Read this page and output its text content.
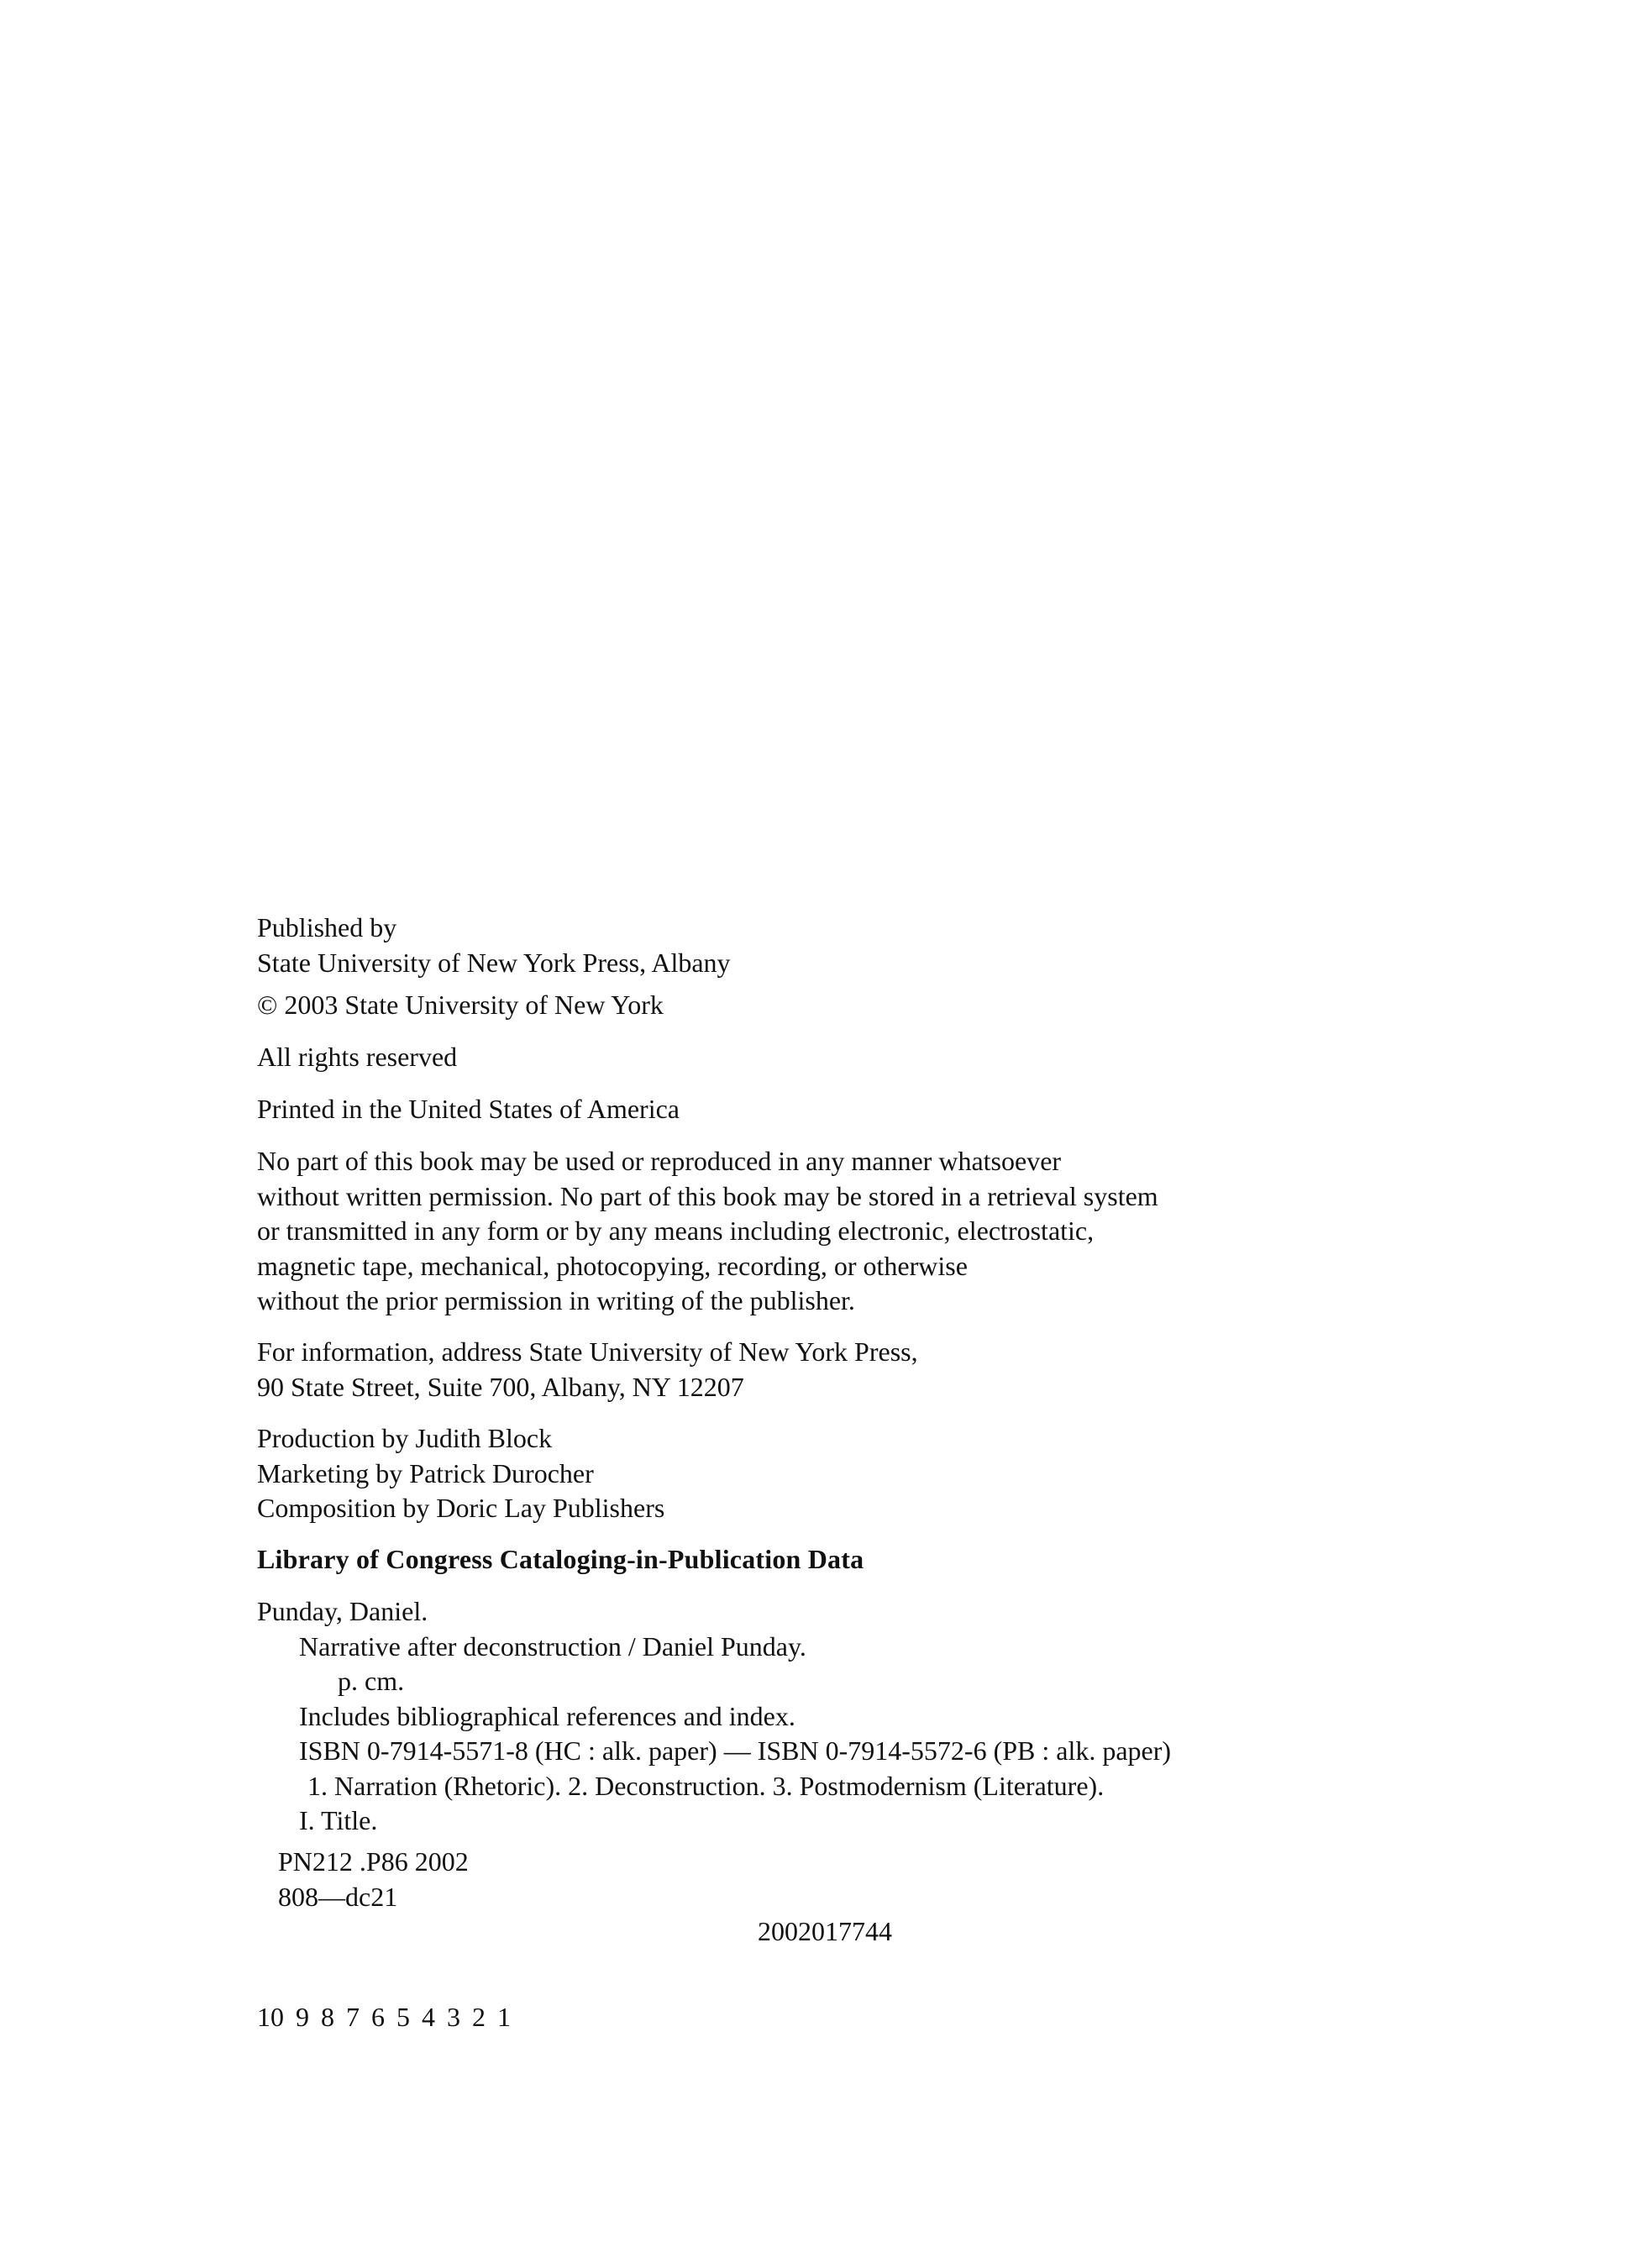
Published by
State University of New York Press, Albany
© 2003 State University of New York
All rights reserved
Printed in the United States of America
No part of this book may be used or reproduced in any manner whatsoever
without written permission. No part of this book may be stored in a retrieval system
or transmitted in any form or by any means including electronic, electrostatic,
magnetic tape, mechanical, photocopying, recording, or otherwise
without the prior permission in writing of the publisher.
For information, address State University of New York Press,
90 State Street, Suite 700, Albany, NY 12207
Production by Judith Block
Marketing by Patrick Durocher
Composition by Doric Lay Publishers
Library of Congress Cataloging-in-Publication Data
Punday, Daniel.
Narrative after deconstruction / Daniel Punday.
p. cm.
Includes bibliographical references and index.
ISBN 0-7914-5571-8 (HC : alk. paper) — ISBN 0-7914-5572-6 (PB : alk. paper)
1. Narration (Rhetoric). 2. Deconstruction. 3. Postmodernism (Literature).
I. Title.
PN212 .P86 2002
808—dc21
2002017744
10 9 8 7 6 5 4 3 2 1
